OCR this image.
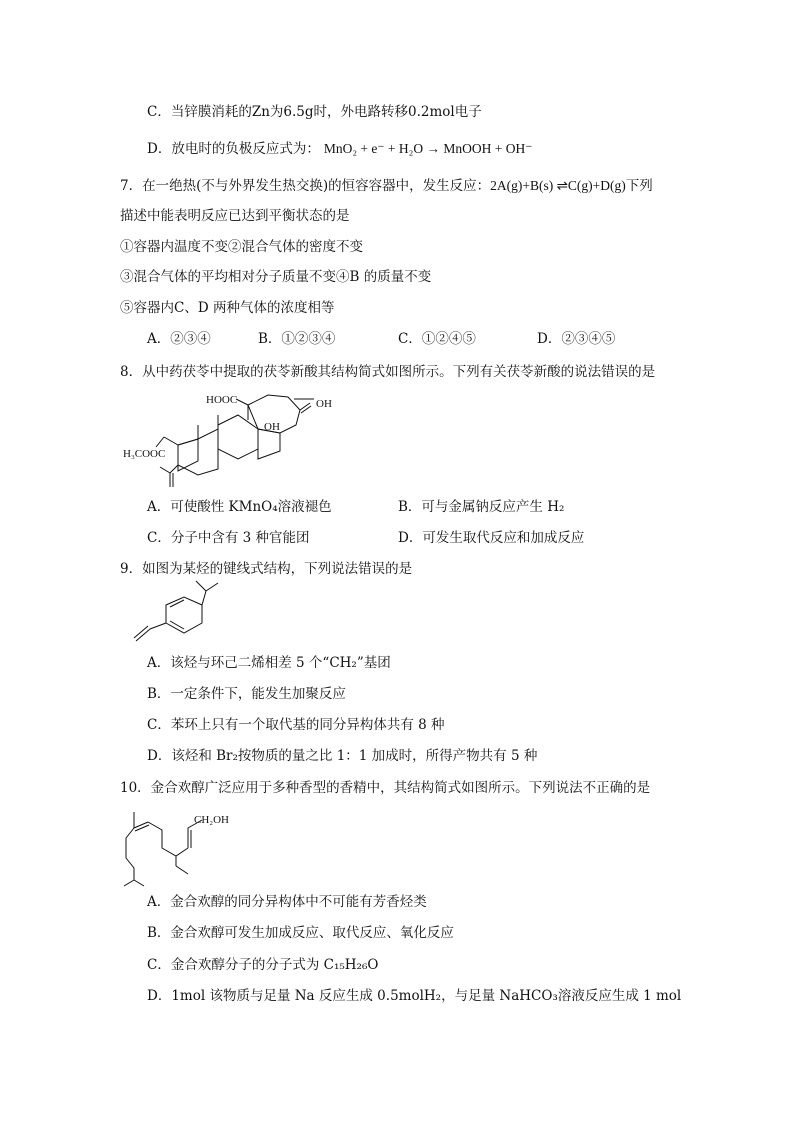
C．当锌膜消耗的Zn为6.5g时，外电路转移0.2mol电子
D．放电时的负极反应式为： MnO₂ + e⁻ + H₂O → MnOOH + OH⁻
7．在一绝热(不与外界发生热交换)的恒容容器中，发生反应：2A(g)+B(s) ⇌C(g)+D(g)下列
描述中能表明反应已达到平衡状态的是
①容器内温度不变②混合气体的密度不变
③混合气体的平均相对分子质量不变④B 的质量不变
⑤容器内C、D 两种气体的浓度相等
A．②③④	B．①②③④	C．①②④⑤	D．②③④⑤
8．从中药茯苓中提取的茯苓新酸其结构简式如图所示。下列有关茯苓新酸的说法错误的是
HOOC	OH
OH
H₃COOC
A．可使酸性 KMnO₄溶液褪色	B．可与金属钠反应产生 H₂
C．分子中含有 3 种官能团	D．可发生取代反应和加成反应
9．如图为某烃的键线式结构，下列说法错误的是
A．该烃与环己二烯相差 5 个“CH₂”基团
B．一定条件下，能发生加聚反应
C．苯环上只有一个取代基的同分异构体共有 8 种
D．该烃和 Br₂按物质的量之比 1：1 加成时，所得产物共有 5 种
10．金合欢醇广泛应用于多种香型的香精中，其结构简式如图所示。下列说法不正确的是
CH₂OH
A．金合欢醇的同分异构体中不可能有芳香烃类
B．金合欢醇可发生加成反应、取代反应、氧化反应
C．金合欢醇分子的分子式为 C₁₅H₂₆O
D．1mol 该物质与足量 Na 反应生成 0.5molH₂，与足量 NaHCO₃溶液反应生成 1 mol
